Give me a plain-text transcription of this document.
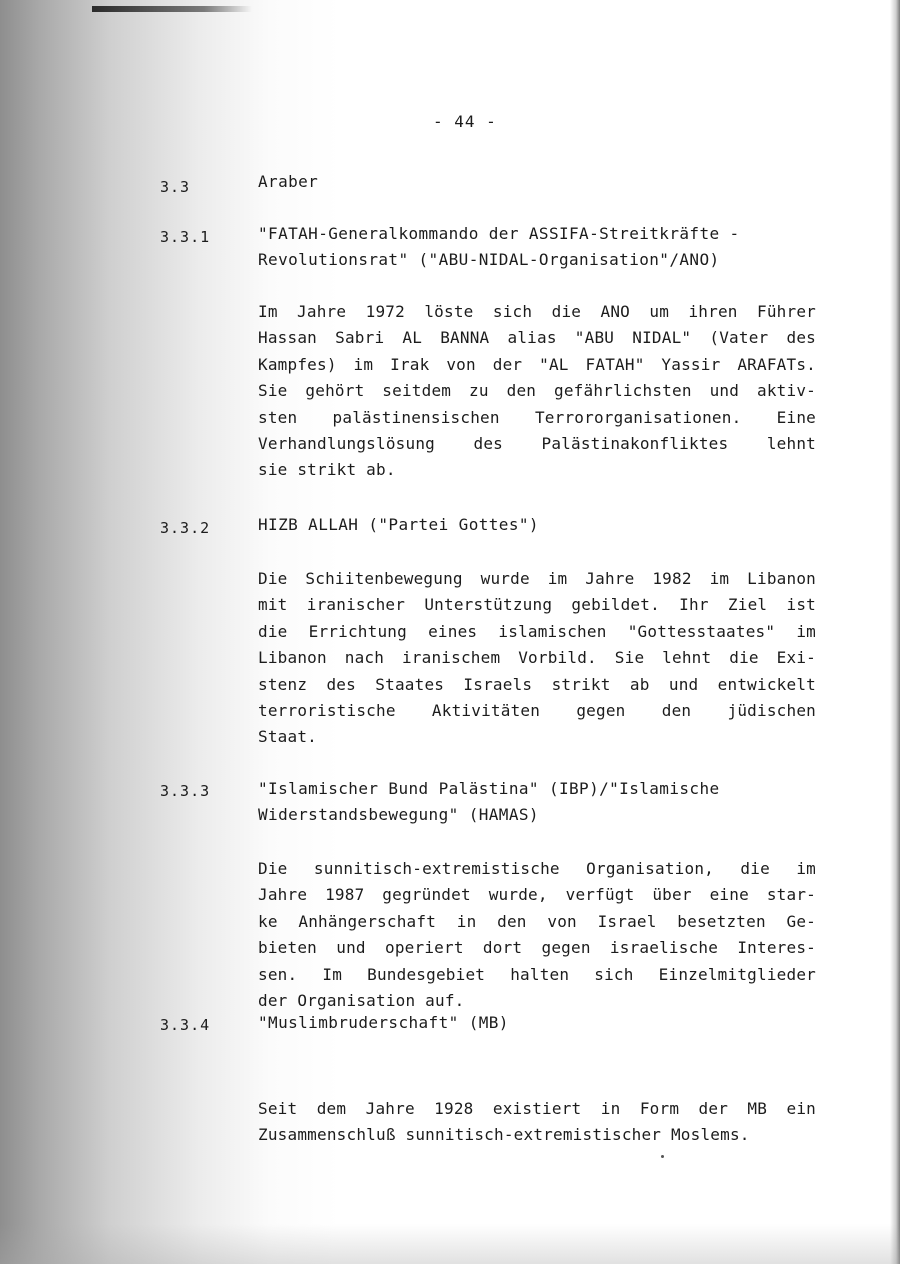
- 44 -
3.3	Araber
3.3.1	"FATAH-Generalkommando der ASSIFA-Streitkräfte -
Revolutionsrat" ("ABU-NIDAL-Organisation"/ANO)
Im Jahre 1972 löste sich die ANO um ihren Führer
Hassan Sabri AL BANNA alias "ABU NIDAL" (Vater des
Kampfes) im Irak von der "AL FATAH" Yassir ARAFATs.
Sie gehört seitdem zu den gefährlichsten und aktiv-
sten palästinensischen Terrororganisationen. Eine
Verhandlungslösung des Palästinakonfliktes lehnt
sie strikt ab.
3.3.2	HIZB ALLAH ("Partei Gottes")
Die Schiitenbewegung wurde im Jahre 1982 im Libanon
mit iranischer Unterstützung gebildet. Ihr Ziel ist
die Errichtung eines islamischen "Gottesstaates" im
Libanon nach iranischem Vorbild. Sie lehnt die Exi-
stenz des Staates Israels strikt ab und entwickelt
terroristische Aktivitäten gegen den jüdischen
Staat.
3.3.3	"Islamischer Bund Palästina" (IBP)/"Islamische
Widerstandsbewegung" (HAMAS)
Die sunnitisch-extremistische Organisation, die im
Jahre 1987 gegründet wurde, verfügt über eine star-
ke Anhängerschaft in den von Israel besetzten Ge-
bieten und operiert dort gegen israelische Interes-
sen. Im Bundesgebiet halten sich Einzelmitglieder
der Organisation auf.
3.3.4	"Muslimbruderschaft" (MB)
Seit dem Jahre 1928 existiert in Form der MB ein
Zusammenschluß sunnitisch-extremistischer Moslems.
